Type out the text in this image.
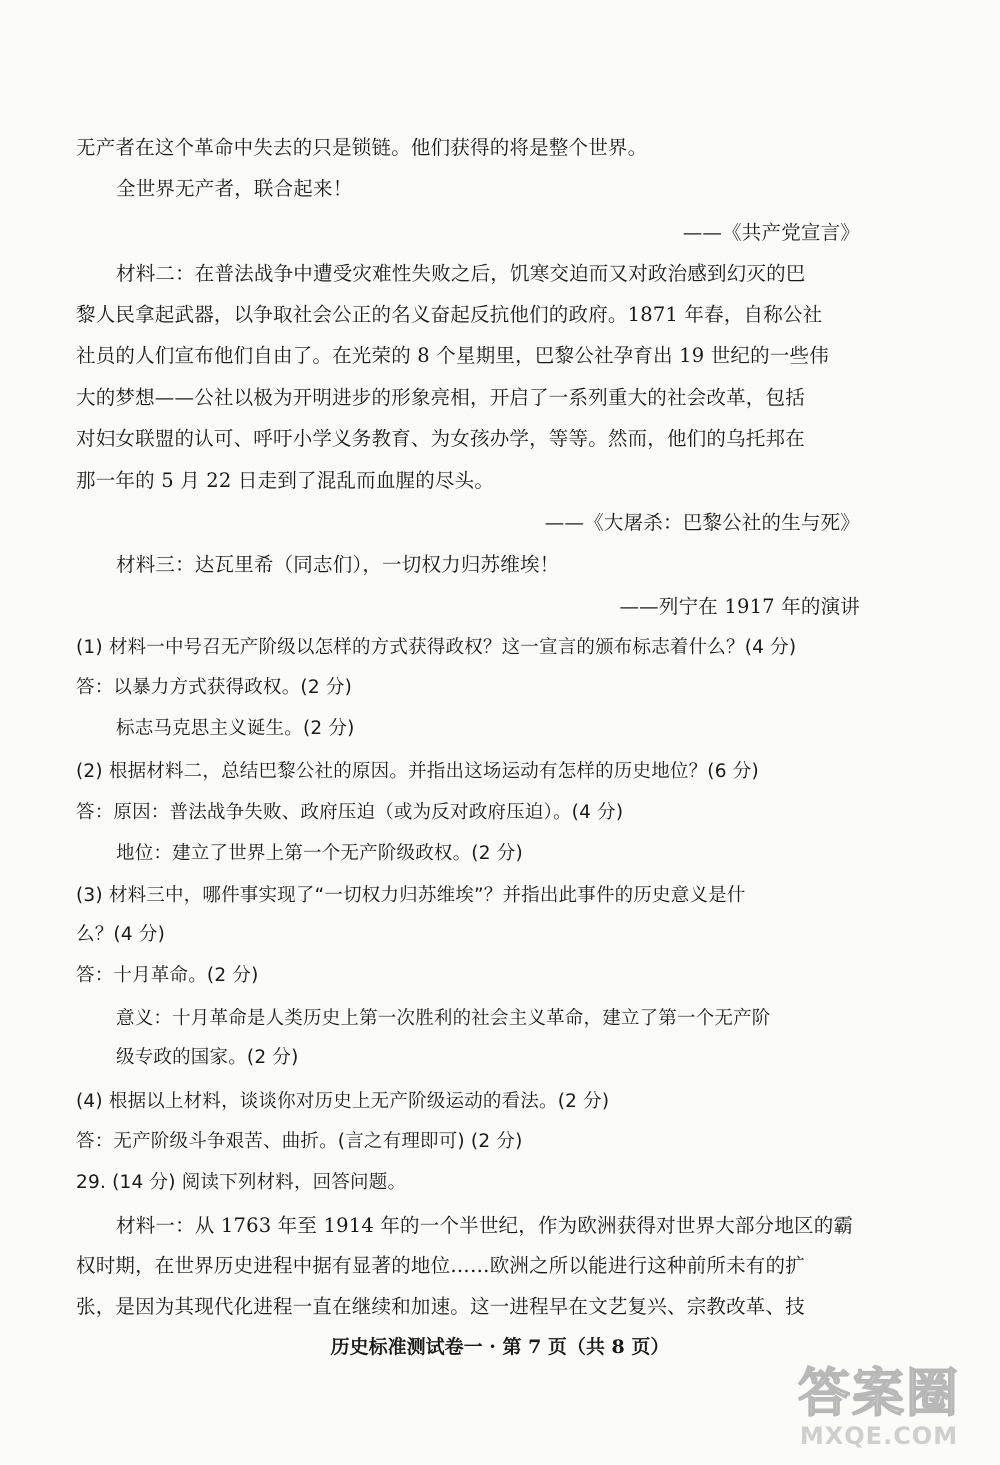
无产者在这个革命中失去的只是锁链。他们获得的将是整个世界。
全世界无产者，联合起来！
——《共产党宣言》
材料二：在普法战争中遭受灾难性失败之后，饥寒交迫而又对政治感到幻灭的巴
黎人民拿起武器，以争取社会公正的名义奋起反抗他们的政府。1871 年春，自称公社
社员的人们宣布他们自由了。在光荣的 8 个星期里，巴黎公社孕育出 19 世纪的一些伟
大的梦想——公社以极为开明进步的形象亮相，开启了一系列重大的社会改革，包括
对妇女联盟的认可、呼吁小学义务教育、为女孩办学，等等。然而，他们的乌托邦在
那一年的 5 月 22 日走到了混乱而血腥的尽头。
——《大屠杀：巴黎公社的生与死》
材料三：达瓦里希（同志们），一切权力归苏维埃！
——列宁在 1917 年的演讲
(1) 材料一中号召无产阶级以怎样的方式获得政权？这一宣言的颁布标志着什么？(4 分)
答：以暴力方式获得政权。(2 分)
标志马克思主义诞生。(2 分)
(2) 根据材料二，总结巴黎公社的原因。并指出这场运动有怎样的历史地位？(6 分)
答：原因：普法战争失败、政府压迫（或为反对政府压迫）。(4 分)
地位：建立了世界上第一个无产阶级政权。(2 分)
(3) 材料三中，哪件事实现了“一切权力归苏维埃”？并指出此事件的历史意义是什
么？(4 分)
答：十月革命。(2 分)
意义：十月革命是人类历史上第一次胜利的社会主义革命，建立了第一个无产阶
级专政的国家。(2 分)
(4) 根据以上材料，谈谈你对历史上无产阶级运动的看法。(2 分)
答：无产阶级斗争艰苦、曲折。(言之有理即可) (2 分)
29. (14 分) 阅读下列材料，回答问题。
材料一：从 1763 年至 1914 年的一个半世纪，作为欧洲获得对世界大部分地区的霸
权时期，在世界历史进程中据有显著的地位……欧洲之所以能进行这种前所未有的扩
张，是因为其现代化进程一直在继续和加速。这一进程早在文艺复兴、宗教改革、技
历史标准测试卷一 · 第 7 页（共 8 页）
答案圈
MXQE.COM
